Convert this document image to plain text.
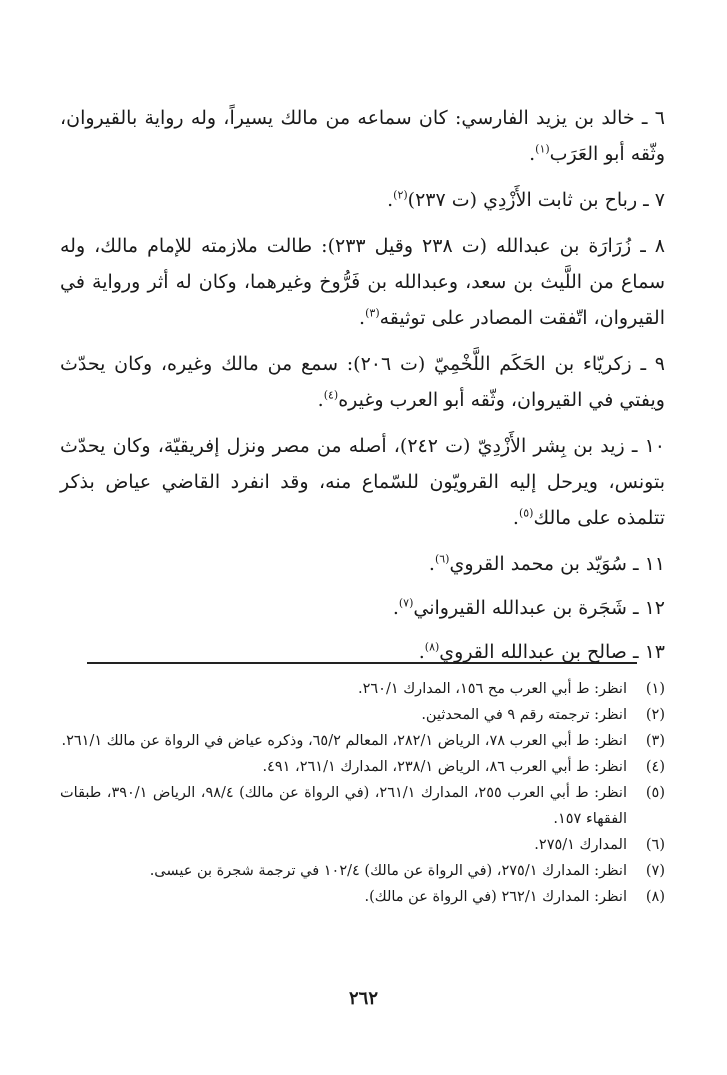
٦ ـ خالد بن يزيد الفارسي: كان سماعه من مالك يسيراً، وله رواية بالقيروان، وثّقه أبو العَرَب$^{(١)}$.

٧ ـ رباح بن ثابت الأَزْدِي (ت ٢٣٧)$^{(٢)}$.

٨ ـ زُرَارَة بن عبدالله (ت ٢٣٨ وقيل ٢٣٣): طالت ملازمته للإمام مالك، وله سماع من اللَّيث بن سعد، وعبدالله بن فَرُّوخ وغيرهما، وكان له أثر ورواية في القيروان، اتّفقت المصادر على توثيقه$^{(٣)}$.

٩ ـ زكريّاء بن الحَكَم اللَّخْمِيّ (ت ٢٠٦): سمع من مالك وغيره، وكان يحدّث ويفتي في القيروان، وثّقه أبو العرب وغيره$^{(٤)}$.

١٠ ـ زيد بن بِشر الأَزْدِيّ (ت ٢٤٢)، أصله من مصر ونزل إفريقيّة، وكان يحدّث بتونس، ويرحل إليه القرويّون للسّماع منه، وقد انفرد القاضي عياض بذكر تتلمذه على مالك$^{(٥)}$.

١١ ـ سُوَيّد بن محمد القروي$^{(٦)}$.

١٢ ـ شَجَرة بن عبدالله القيرواني$^{(٧)}$.

١٣ ـ صالح بن عبدالله القروي$^{(٨)}$.

(١)انظر: ط أبي العرب مح ١٥٦، المدارك ٢٦٠/١.

(٢)انظر: ترجمته رقم ٩ في المحدثين.

(٣)انظر: ط أبي العرب ٧٨، الرياض ٢٨٢/١، المعالم ٦٥/٢، وذكره عياض في الرواة عن مالك ٢٦١/١.

(٤)انظر: ط أبي العرب ٨٦، الرياض ٢٣٨/١، المدارك ٢٦١/١، ٤٩١.

(٥)انظر: ط أبي العرب ٢٥٥، المدارك ٢٦١/١، (في الرواة عن مالك) ٩٨/٤، الرياض ٣٩٠/١، طبقات الفقهاء ١٥٧.

(٦)المدارك ٢٧٥/١.

(٧)انظر: المدارك ٢٧٥/١، (في الرواة عن مالك) ١٠٢/٤ في ترجمة شجرة بن عيسى.

(٨)انظر: المدارك ٢٦٢/١ (في الرواة عن مالك).

٢٦٢
